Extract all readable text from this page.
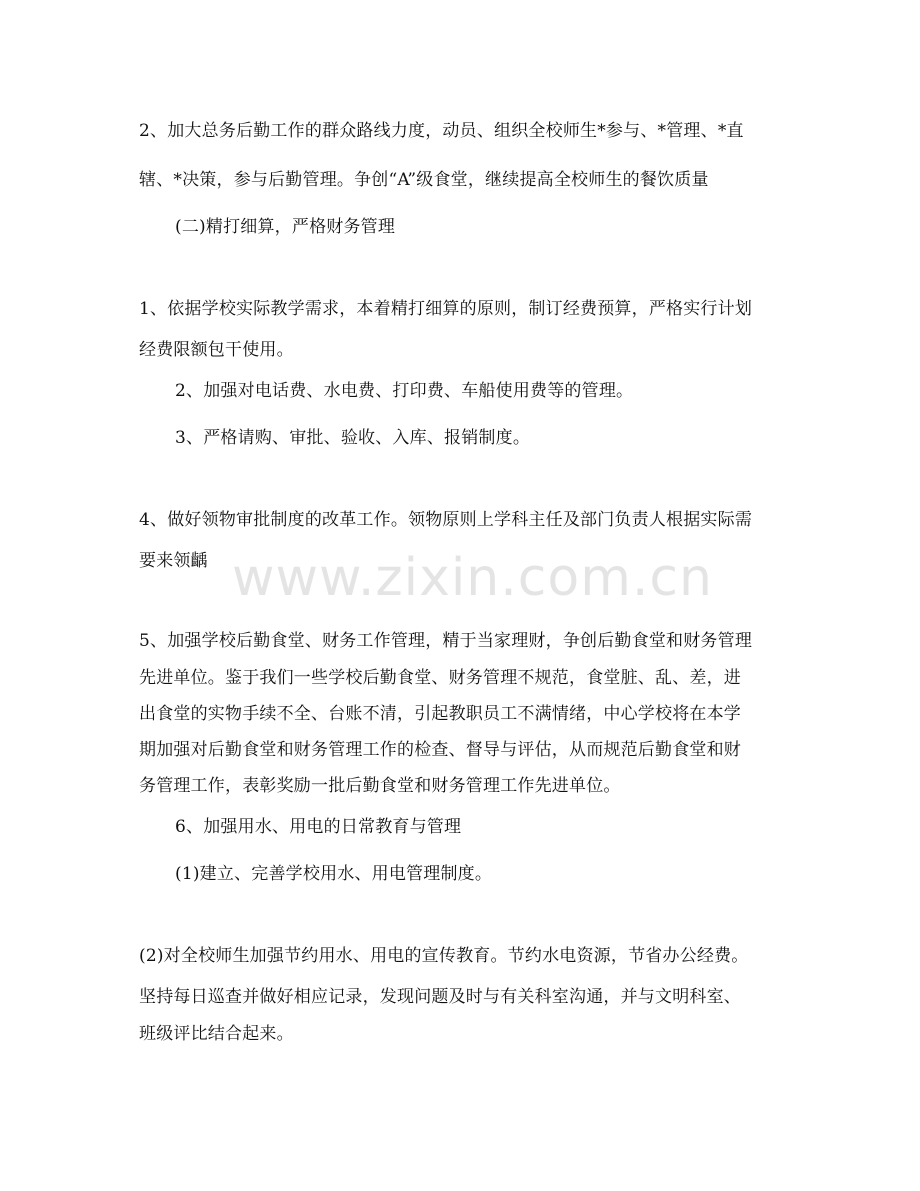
www.zixin.com.cn
2、加大总务后勤工作的群众路线力度，动员、组织全校师生*参与、*管理、*直
辖、*决策，参与后勤管理。争创“A”级食堂，继续提高全校师生的餐饮质量
(二)精打细算，严格财务管理
1、依据学校实际教学需求，本着精打细算的原则，制订经费预算，严格实行计划
经费限额包干使用。
2、加强对电话费、水电费、打印费、车船使用费等的管理。
3、严格请购、审批、验收、入库、报销制度。
4、做好领物审批制度的改革工作。领物原则上学科主任及部门负责人根据实际需
要来领齲
5、加强学校后勤食堂、财务工作管理，精于当家理财，争创后勤食堂和财务管理
先进单位。鉴于我们一些学校后勤食堂、财务管理不规范，食堂脏、乱、差，进
出食堂的实物手续不全、台账不清，引起教职员工不满情绪，中心学校将在本学
期加强对后勤食堂和财务管理工作的检查、督导与评估，从而规范后勤食堂和财
务管理工作，表彰奖励一批后勤食堂和财务管理工作先进单位。
6、加强用水、用电的日常教育与管理
(1)建立、完善学校用水、用电管理制度。
(2)对全校师生加强节约用水、用电的宣传教育。节约水电资源，节省办公经费。
坚持每日巡查并做好相应记录，发现问题及时与有关科室沟通，并与文明科室、
班级评比结合起来。
